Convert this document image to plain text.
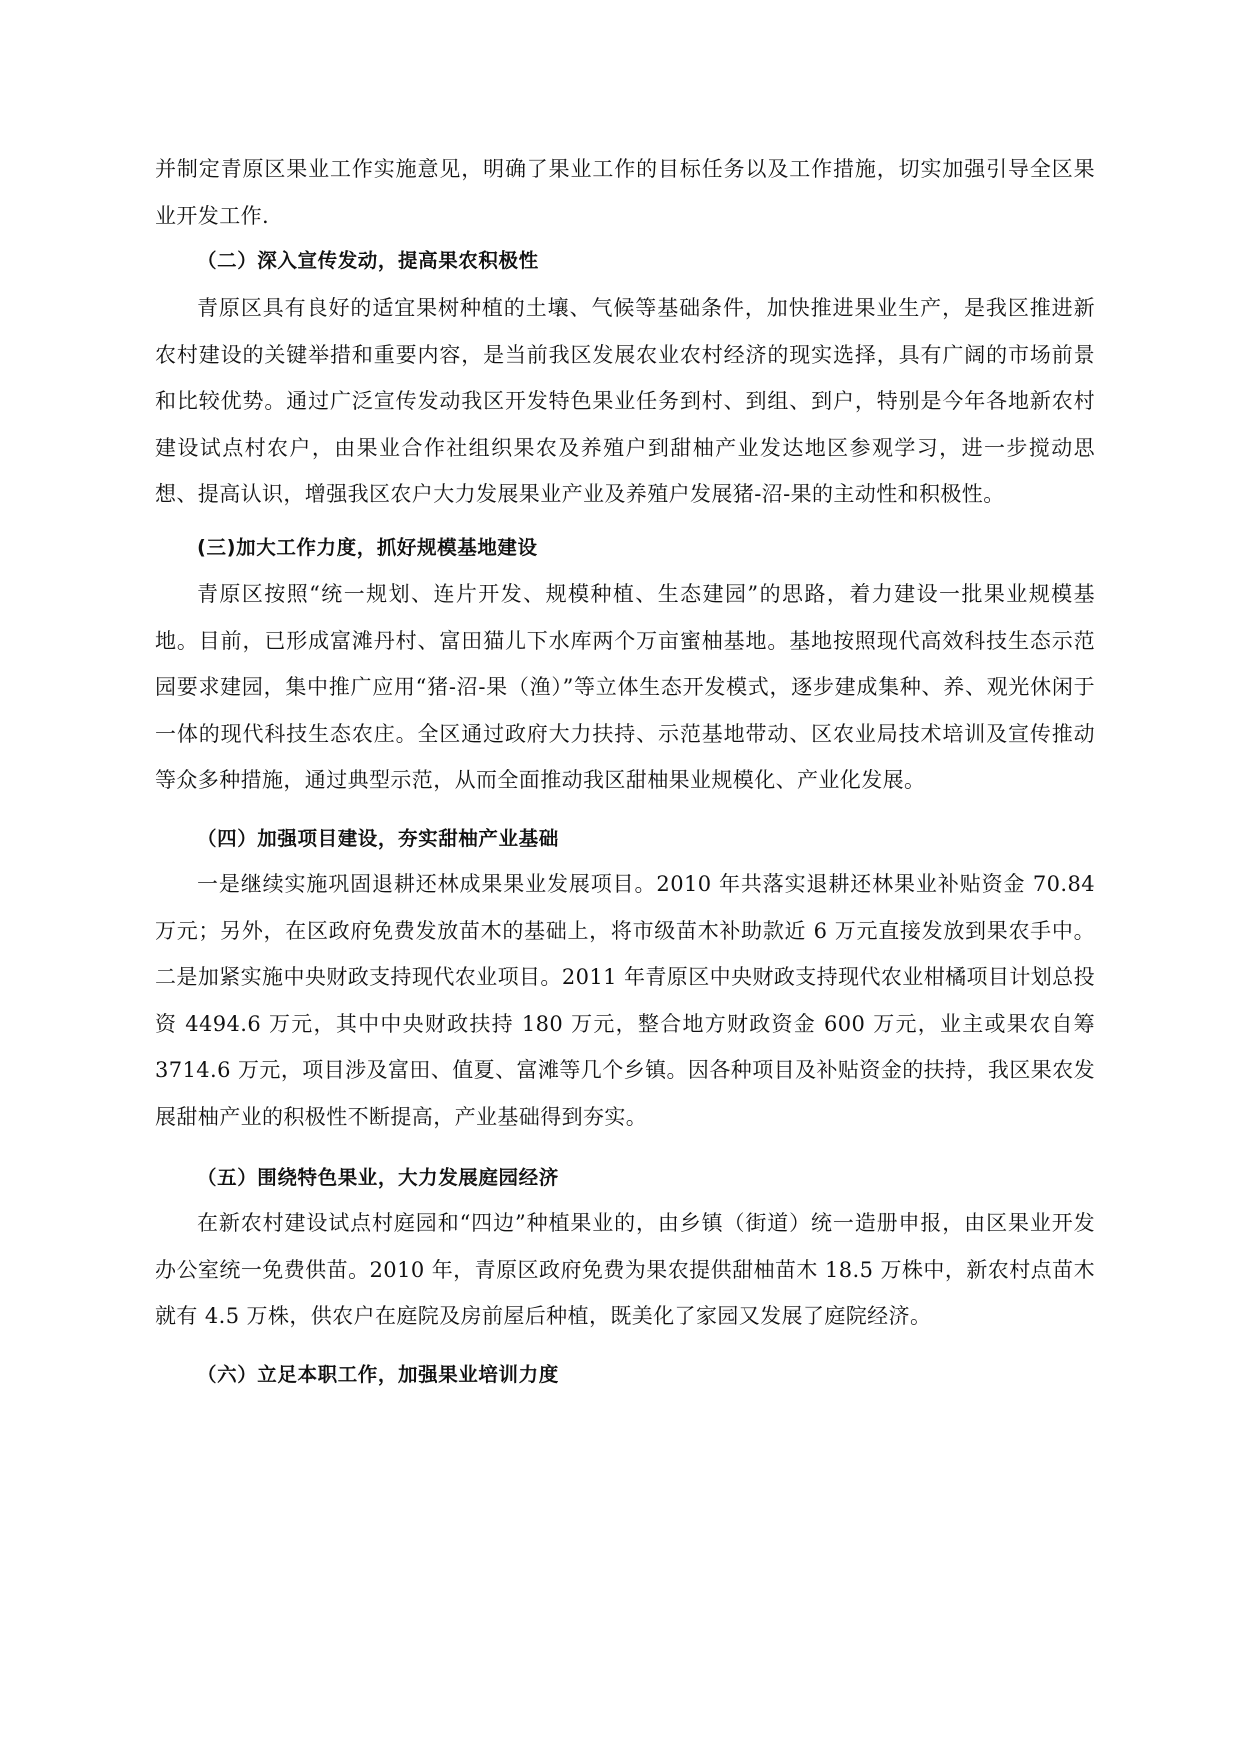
并制定青原区果业工作实施意见，明确了果业工作的目标任务以及工作措施，切实加强引导全区果业开发工作.

（二）深入宣传发动，提高果农积极性

青原区具有良好的适宜果树种植的土壤、气候等基础条件，加快推进果业生产，是我区推进新农村建设的关键举措和重要内容，是当前我区发展农业农村经济的现实选择，具有广阔的市场前景和比较优势。通过广泛宣传发动我区开发特色果业任务到村、到组、到户，特别是今年各地新农村建设试点村农户，由果业合作社组织果农及养殖户到甜柚产业发达地区参观学习，进一步搅动思想、提高认识，增强我区农户大力发展果业产业及养殖户发展猪-沼-果的主动性和积极性。

(三)加大工作力度，抓好规模基地建设

青原区按照“统一规划、连片开发、规模种植、生态建园”的思路，着力建设一批果业规模基地。目前，已形成富滩丹村、富田猫儿下水库两个万亩蜜柚基地。基地按照现代高效科技生态示范园要求建园，集中推广应用“猪-沼-果（渔）”等立体生态开发模式，逐步建成集种、养、观光休闲于一体的现代科技生态农庄。全区通过政府大力扶持、示范基地带动、区农业局技术培训及宣传推动等众多种措施，通过典型示范，从而全面推动我区甜柚果业规模化、产业化发展。

（四）加强项目建设，夯实甜柚产业基础

一是继续实施巩固退耕还林成果果业发展项目。2010 年共落实退耕还林果业补贴资金 70.84 万元；另外，在区政府免费发放苗木的基础上，将市级苗木补助款近 6 万元直接发放到果农手中。二是加紧实施中央财政支持现代农业项目。2011 年青原区中央财政支持现代农业柑橘项目计划总投资 4494.6 万元，其中中央财政扶持 180 万元，整合地方财政资金 600 万元，业主或果农自筹 3714.6 万元，项目涉及富田、值夏、富滩等几个乡镇。因各种项目及补贴资金的扶持，我区果农发展甜柚产业的积极性不断提高，产业基础得到夯实。

（五）围绕特色果业，大力发展庭园经济

在新农村建设试点村庭园和“四边”种植果业的，由乡镇（街道）统一造册申报，由区果业开发办公室统一免费供苗。2010 年，青原区政府免费为果农提供甜柚苗木 18.5 万株中，新农村点苗木就有 4.5 万株，供农户在庭院及房前屋后种植，既美化了家园又发展了庭院经济。

（六）立足本职工作，加强果业培训力度
